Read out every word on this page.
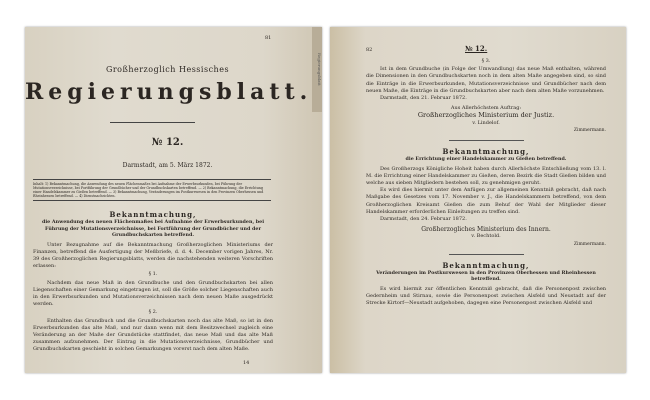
Regierungsblatt
81
Großherzoglich Hessisches
Regierungsblatt.
№ 12.
Darmstadt, am 5. März 1872.
Inhalt: 1) Bekanntmachung, die Anwendung des neuen Flächenmaßes bei Aufnahme der Erwerbsurkunden, bei Führung der Mutationsverzeichnisse, bei Fortführung der Grundbücher und der Grundbuchskarten betreffend. — 2) Bekanntmachung, die Errichtung einer Handelskammer zu Gießen betreffend. — 3) Bekanntmachung, Veränderungen im Postkurswesen in den Provinzen Oberhessen und Rheinhessen betreffend. — 4) Dienstnachrichten.
Bekanntmachung,
die Anwendung des neuen Flächenmaßes bei Aufnahme der Erwerbsurkunden, bei Führung der Mutationsverzeichnisse, bei Fortführung der Grundbücher und der Grundbuchskarten betreffend.

Unter Bezugnahme auf die Bekanntmachung Großherzoglichen Ministeriums der Finanzen, betreffend die Ausfertigung der Meßbriefe, d. d. 4. December vorigen Jahres, Nr. 39 des Großherzoglichen Regierungsblatts, werden die nachstehenden weiteren Vorschriften erlassen:

§ 1.

Nachdem das neue Maß in den Grundbuche und den Grundbuchskarten bei allen Liegenschaften einer Gemarkung eingetragen ist, soll die Größe solcher Liegenschaften auch in den Erwerbsurkunden und Mutationsverzeichnissen nach dem neuen Maße ausgedrückt werden.

§ 2.

Enthalten das Grundbuch und die Grundbuchskarten noch das alte Maß, so ist in den Erwerbsurkunden das alte Maß, und nur dann wenn mit dem Besitzwechsel zugleich eine Veränderung an der Maße der Grundstücke stattfindet, das neue Maß und das alte Maß zusammen aufzunehmen. Der Eintrag in die Mutationsverzeichnisse, Grundbücher und Grundbuchskarten geschieht in solchen Gemarkungen vorerst nach dem alten Maße.

14
82	№ 12.
§ 3.

Ist in dem Grundbuche (in Folge der Umwandlung) das neue Maß enthalten, während die Dimensionen in den Grundbuchskarten noch in dem alten Maße angegeben sind, so sind die Einträge in die Erwerbsurkunden, Mutationsverzeichnisse und Grundbücher nach dem neuen Maße, die Einträge in die Grundbuchskarten aber nach dem alten Maße vorzunehmen.

Darmstadt, den 21. Februar 1872.

Aus Allerhöchstem Auftrag:
Großherzogliches Ministerium der Justiz.
v. Lindelof.
Zimmermann.
Bekanntmachung,
die Errichtung einer Handelskammer zu Gießen betreffend.

Des Großherzogs Königliche Hoheit haben durch Allerhöchste Entschließung vom 13. l. M. die Errichtung einer Handelskammer zu Gießen, deren Bezirk die Stadt Gießen bilden und welche aus sieben Mitgliedern bestehen soll, zu genehmigen geruht.

Es wird dies hiermit unter dem Anfügen zur allgemeinen Kenntniß gebracht, daß nach Maßgabe des Gesetzes vom 17. November v. J., die Handelskammern betreffend, von dem Großherzoglichen Kreisamt Gießen die zum Behuf der Wahl der Mitglieder dieser Handelskammer erforderlichen Einleitungen zu treffen sind.

Darmstadt, den 24. Februar 1872.

Großherzogliches Ministerium des Innern.
v. Bechtold.
Zimmermann.
Bekanntmachung,
Veränderungen im Postkurswesen in den Provinzen Oberhessen und Rheinhessen betreffend.

Es wird hiermit zur öffentlichen Kenntniß gebracht, daß die Personenpost zwischen Gedernheim und Stirnau, sowie die Personenpost zwischen Alsfeld und Neustadt auf der Strecke Kirtorf—Neustadt aufgehoben, dagegen eine Personenpost zwischen Alsfeld und
